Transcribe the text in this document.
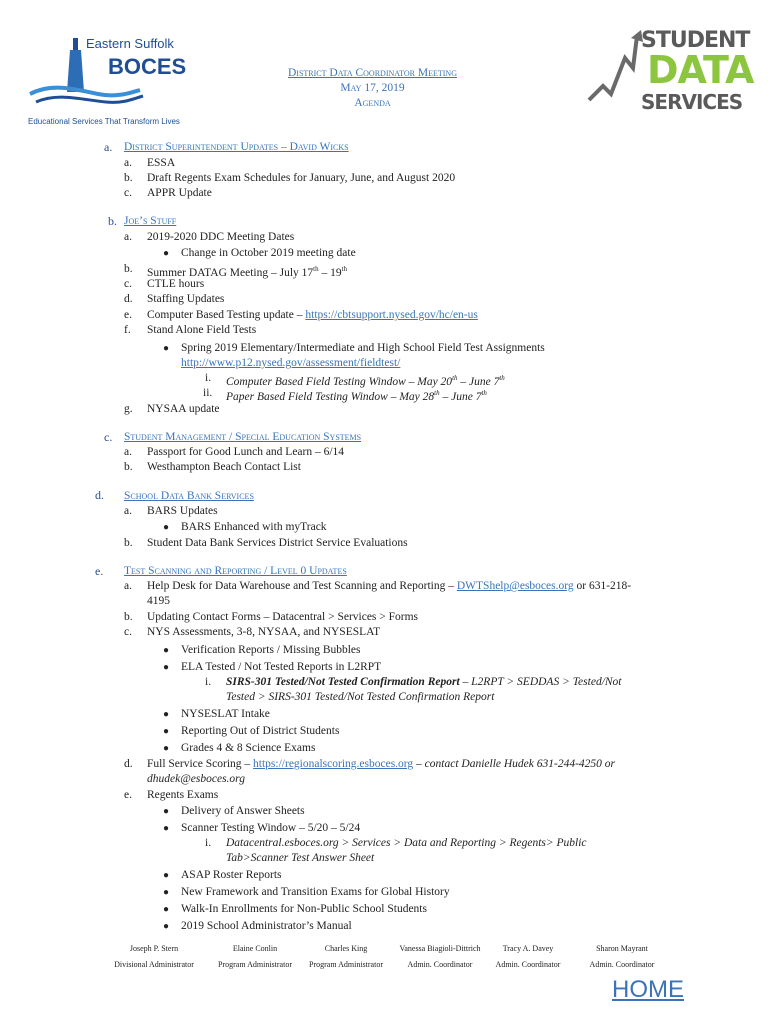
Eastern Suffolk
BOCES
Educational Services That Transform Lives
District Data Coordinator Meeting
May 17, 2019
Agenda
STUDENT
DATA
SERVICES
a. District Superintendent Updates – David Wicks
a. ESSA
b. Draft Regents Exam Schedules for January, June, and August 2020
c. APPR Update
b. Joe’s Stuff
a. 2019-2020 DDC Meeting Dates
● Change in October 2019 meeting date
b. Summer DATAG Meeting – July 17th – 19th
c. CTLE hours
d. Staffing Updates
e. Computer Based Testing update – https://cbtsupport.nysed.gov/hc/en-us
f. Stand Alone Field Tests
● Spring 2019 Elementary/Intermediate and High School Field Test Assignments
http://www.p12.nysed.gov/assessment/fieldtest/
i. Computer Based Field Testing Window – May 20th – June 7th
ii. Paper Based Field Testing Window – May 28th – June 7th
g. NYSAA update
c. Student Management / Special Education Systems
a. Passport for Good Lunch and Learn – 6/14
b. Westhampton Beach Contact List
d. School Data Bank Services
a. BARS Updates
● BARS Enhanced with myTrack
b. Student Data Bank Services District Service Evaluations
e. Test Scanning and Reporting / Level 0 Updates
a. Help Desk for Data Warehouse and Test Scanning and Reporting – DWTShelp@esboces.org or 631-218-
4195
b. Updating Contact Forms – Datacentral > Services > Forms
c. NYS Assessments, 3-8, NYSAA, and NYSESLAT
● Verification Reports / Missing Bubbles
● ELA Tested / Not Tested Reports in L2RPT
i. SIRS-301 Tested/Not Tested Confirmation Report – L2RPT > SEDDAS > Tested/Not
Tested > SIRS-301 Tested/Not Tested Confirmation Report
● NYSESLAT Intake
● Reporting Out of District Students
● Grades 4 & 8 Science Exams
d. Full Service Scoring – https://regionalscoring.esboces.org – contact Danielle Hudek 631-244-4250 or
dhudek@esboces.org
e. Regents Exams
● Delivery of Answer Sheets
● Scanner Testing Window – 5/20 – 5/24
i. Datacentral.esboces.org > Services > Data and Reporting > Regents> Public
Tab>Scanner Test Answer Sheet
● ASAP Roster Reports
● New Framework and Transition Exams for Global History
● Walk-In Enrollments for Non-Public School Students
● 2019 School Administrator’s Manual
Joseph P. Stern
Divisional Administrator
Elaine Conlin
Program Administrator
Charles King
Program Administrator
Vanessa Biagioli-Dittrich
Admin. Coordinator
Tracy A. Davey
Admin. Coordinator
Sharon Mayrant
Admin. Coordinator
HOME
